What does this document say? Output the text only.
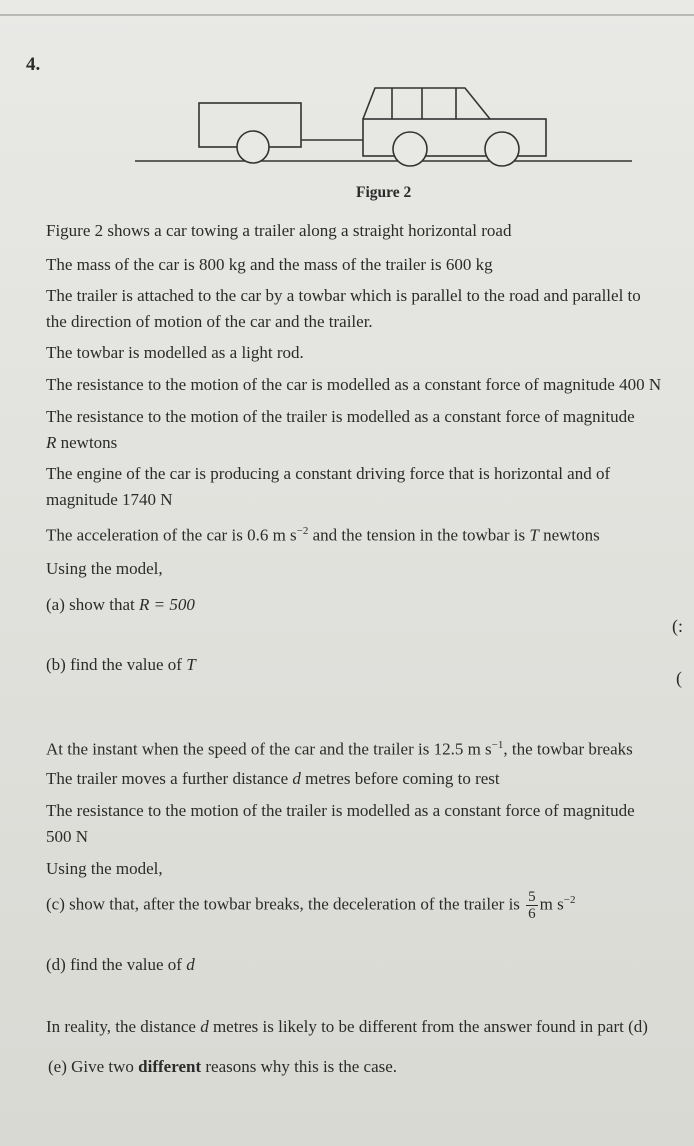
4.
Figure 2
Figure 2 shows a car towing a trailer along a straight horizontal road
The mass of the car is 800 kg and the mass of the trailer is 600 kg
The trailer is attached to the car by a towbar which is parallel to the road and parallel to
the direction of motion of the car and the trailer.
The towbar is modelled as a light rod.
The resistance to the motion of the car is modelled as a constant force of magnitude 400 N
The resistance to the motion of the trailer is modelled as a constant force of magnitude
R newtons
The engine of the car is producing a constant driving force that is horizontal and of
magnitude 1740 N
The acceleration of the car is 0.6 m $s^{-2}$ and the tension in the towbar is T newtons
Using the model,
(a) show that R = 500
(:
(b) find the value of T
(
At the instant when the speed of the car and the trailer is 12.5 m $s^{-1}$, the towbar breaks
The trailer moves a further distance d metres before coming to rest
The resistance to the motion of the trailer is modelled as a constant force of magnitude
500 N
Using the model,
(c) show that, after the towbar breaks, the deceleration of the trailer is $\frac{5}{6}$ m $s^{-2}$
(d) find the value of d
In reality, the distance d metres is likely to be different from the answer found in part (d)
(e) Give two different reasons why this is the case.
